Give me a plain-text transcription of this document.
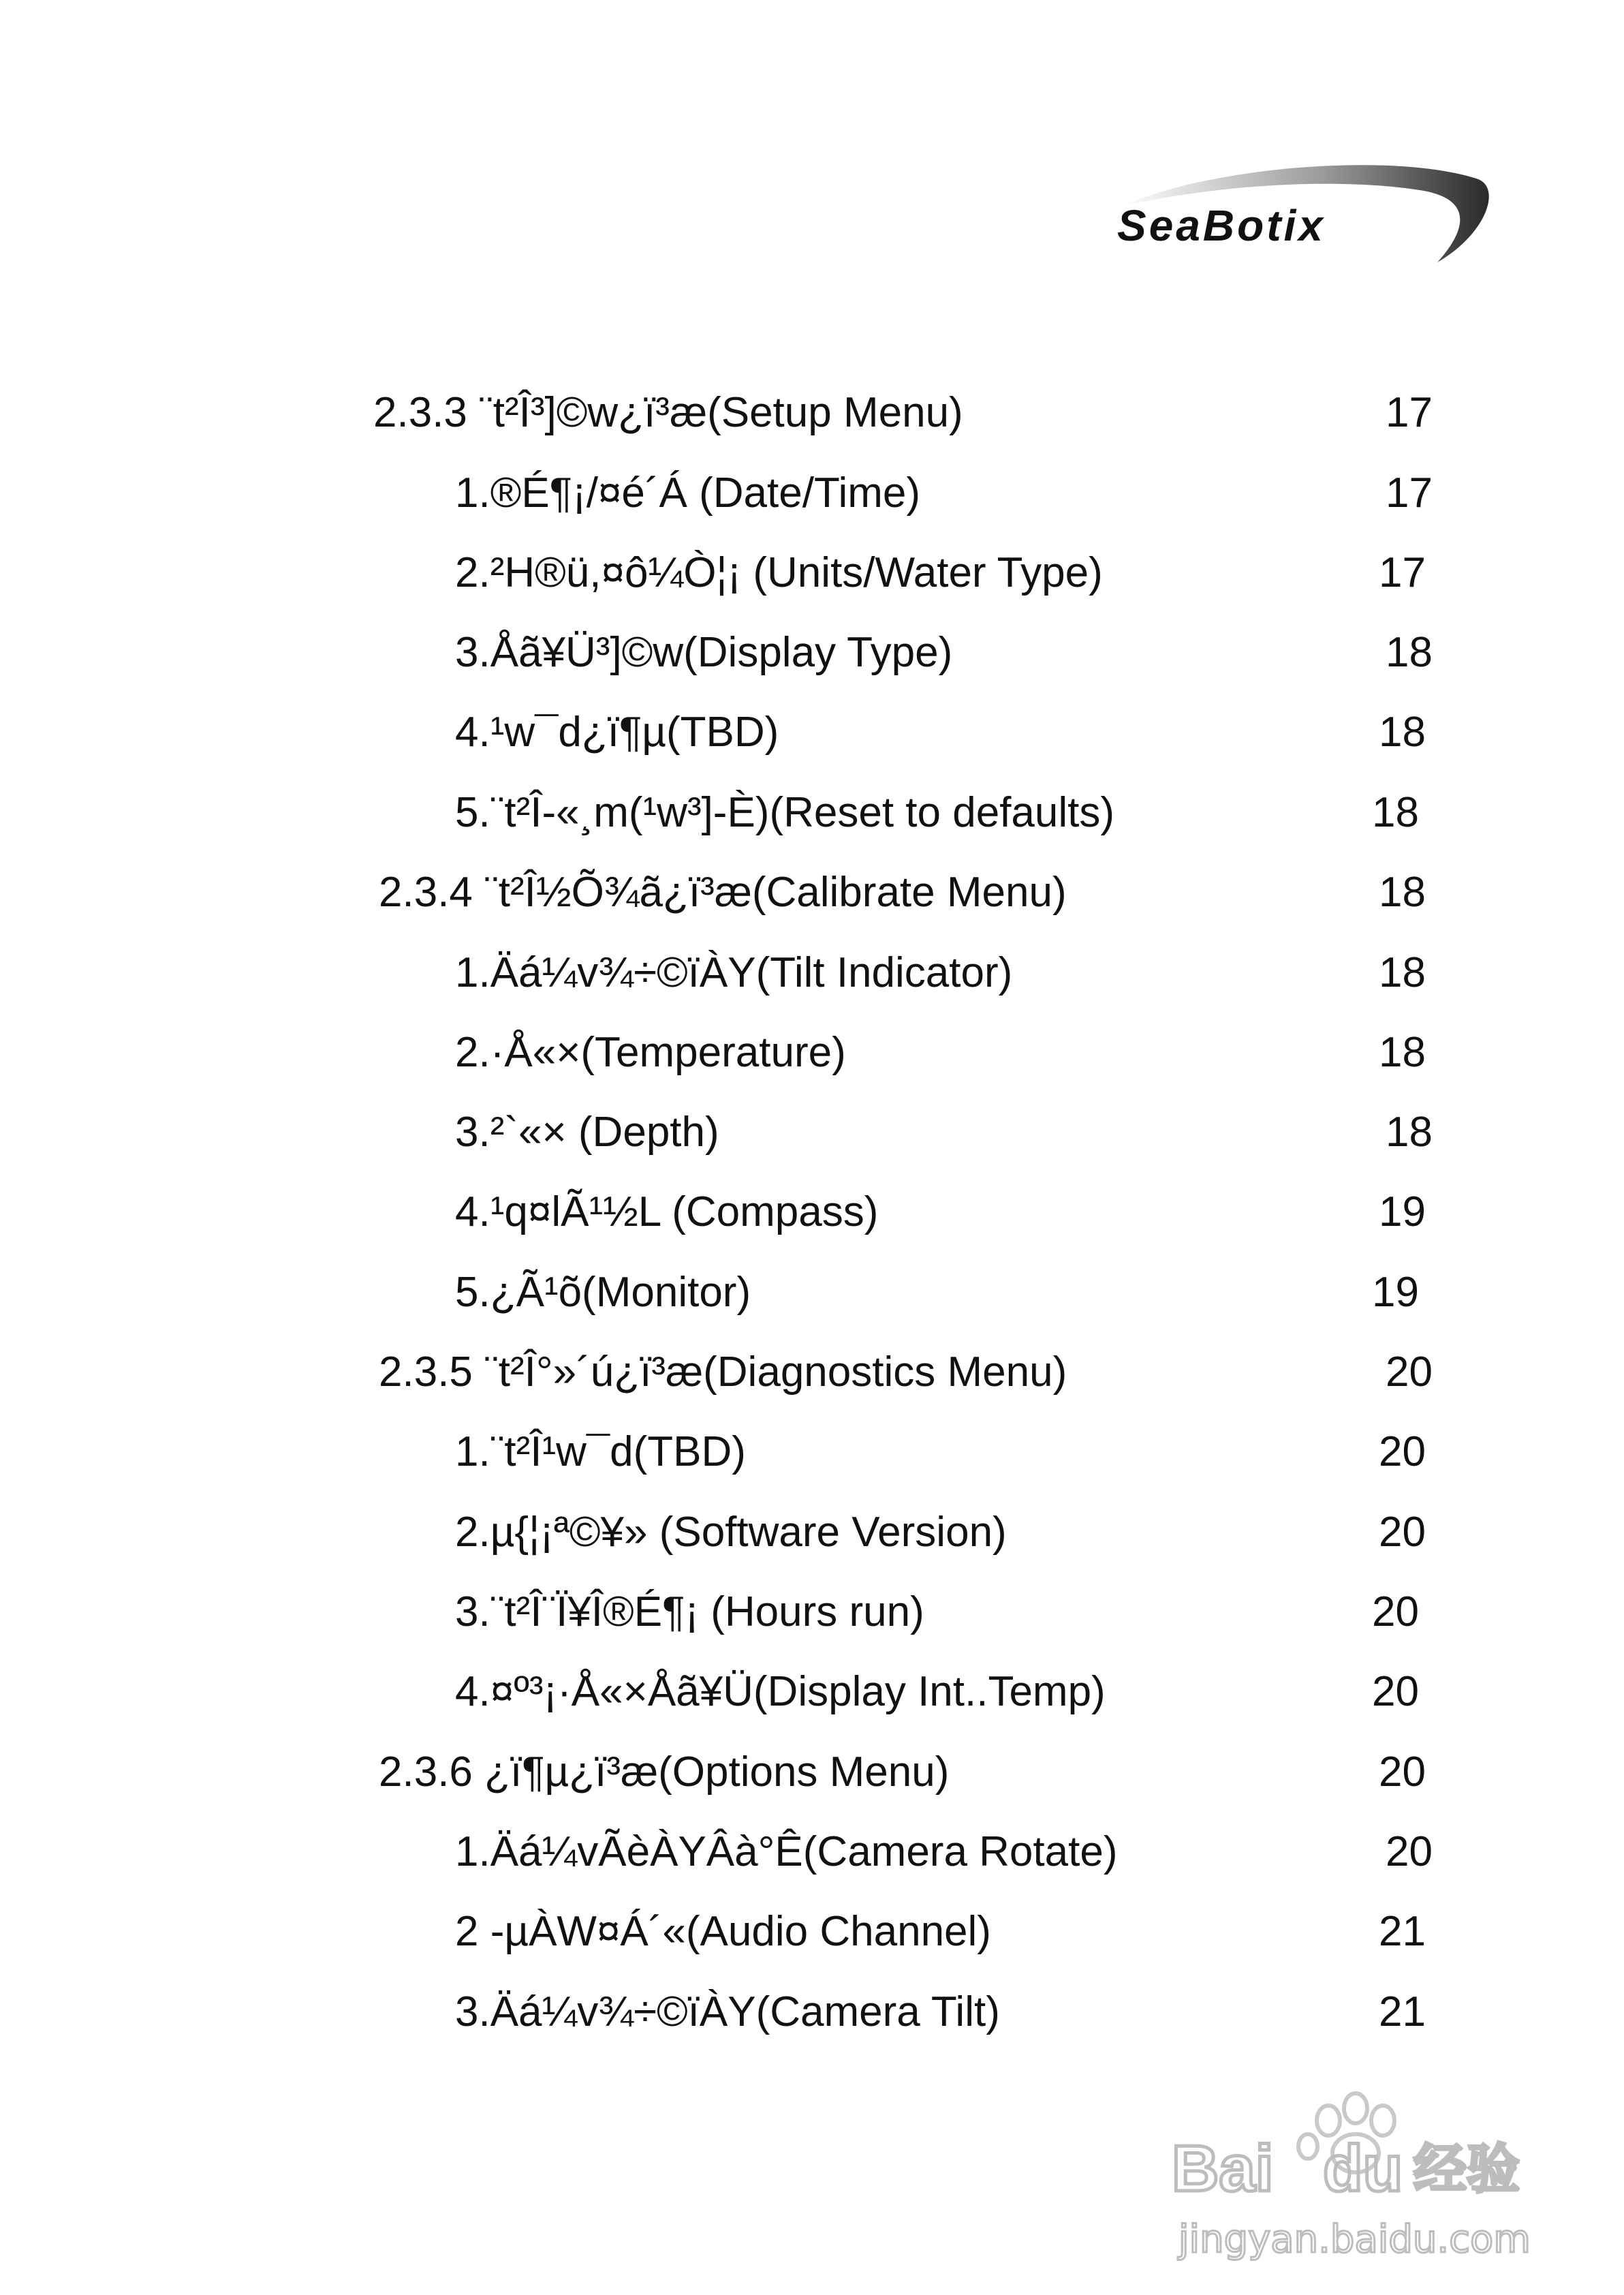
SeaBotix
2.3.3 ¨t²Î³]©w¿ï³æ(Setup Menu)	17
1.®É¶¡/¤é´Á (Date/Time)	17
2.²H®ü,¤ô¼Ò¦¡ (Units/Water Type)	17
3.Åã¥Ü³]©w(Display Type)	18
4.¹w¯d¿ï¶µ(TBD)	18
5.¨t²Î-«¸m(¹w³]-È)(Reset to defaults)	18
2.3.4 ¨t²Î½Õ¾ã¿ï³æ(Calibrate Menu)	18
1.Äá¼v¾÷©ïÀY(Tilt Indicator)	18
2.·Å«×(Temperature)	18
3.²`«× (Depth)	18
4.¹q¤lÃ¹½L (Compass)	19
5.¿Ã¹õ(Monitor)	19
2.3.5 ¨t²Î°»´ú¿ï³æ(Diagnostics Menu)	20
1.¨t²Î¹w¯d(TBD)	20
2.µ{¦¡ª©¥» (Software Version)	20
3.¨t²Î¨Ï¥Î®É¶¡ (Hours run)	20
4.¤º³¡·Å«×Åã¥Ü(Display Int..Temp)	20
2.3.6 ¿ï¶µ¿ï³æ(Options Menu)	20
1.Äá¼vÃèÀYÂà°Ê(Camera Rotate)	20
2 -µÀW¤Á´«(Audio Channel)	21
3.Äá¼v¾÷©ïÀY(Camera Tilt)	21
Bai du 经验
jingyan.baidu.com
